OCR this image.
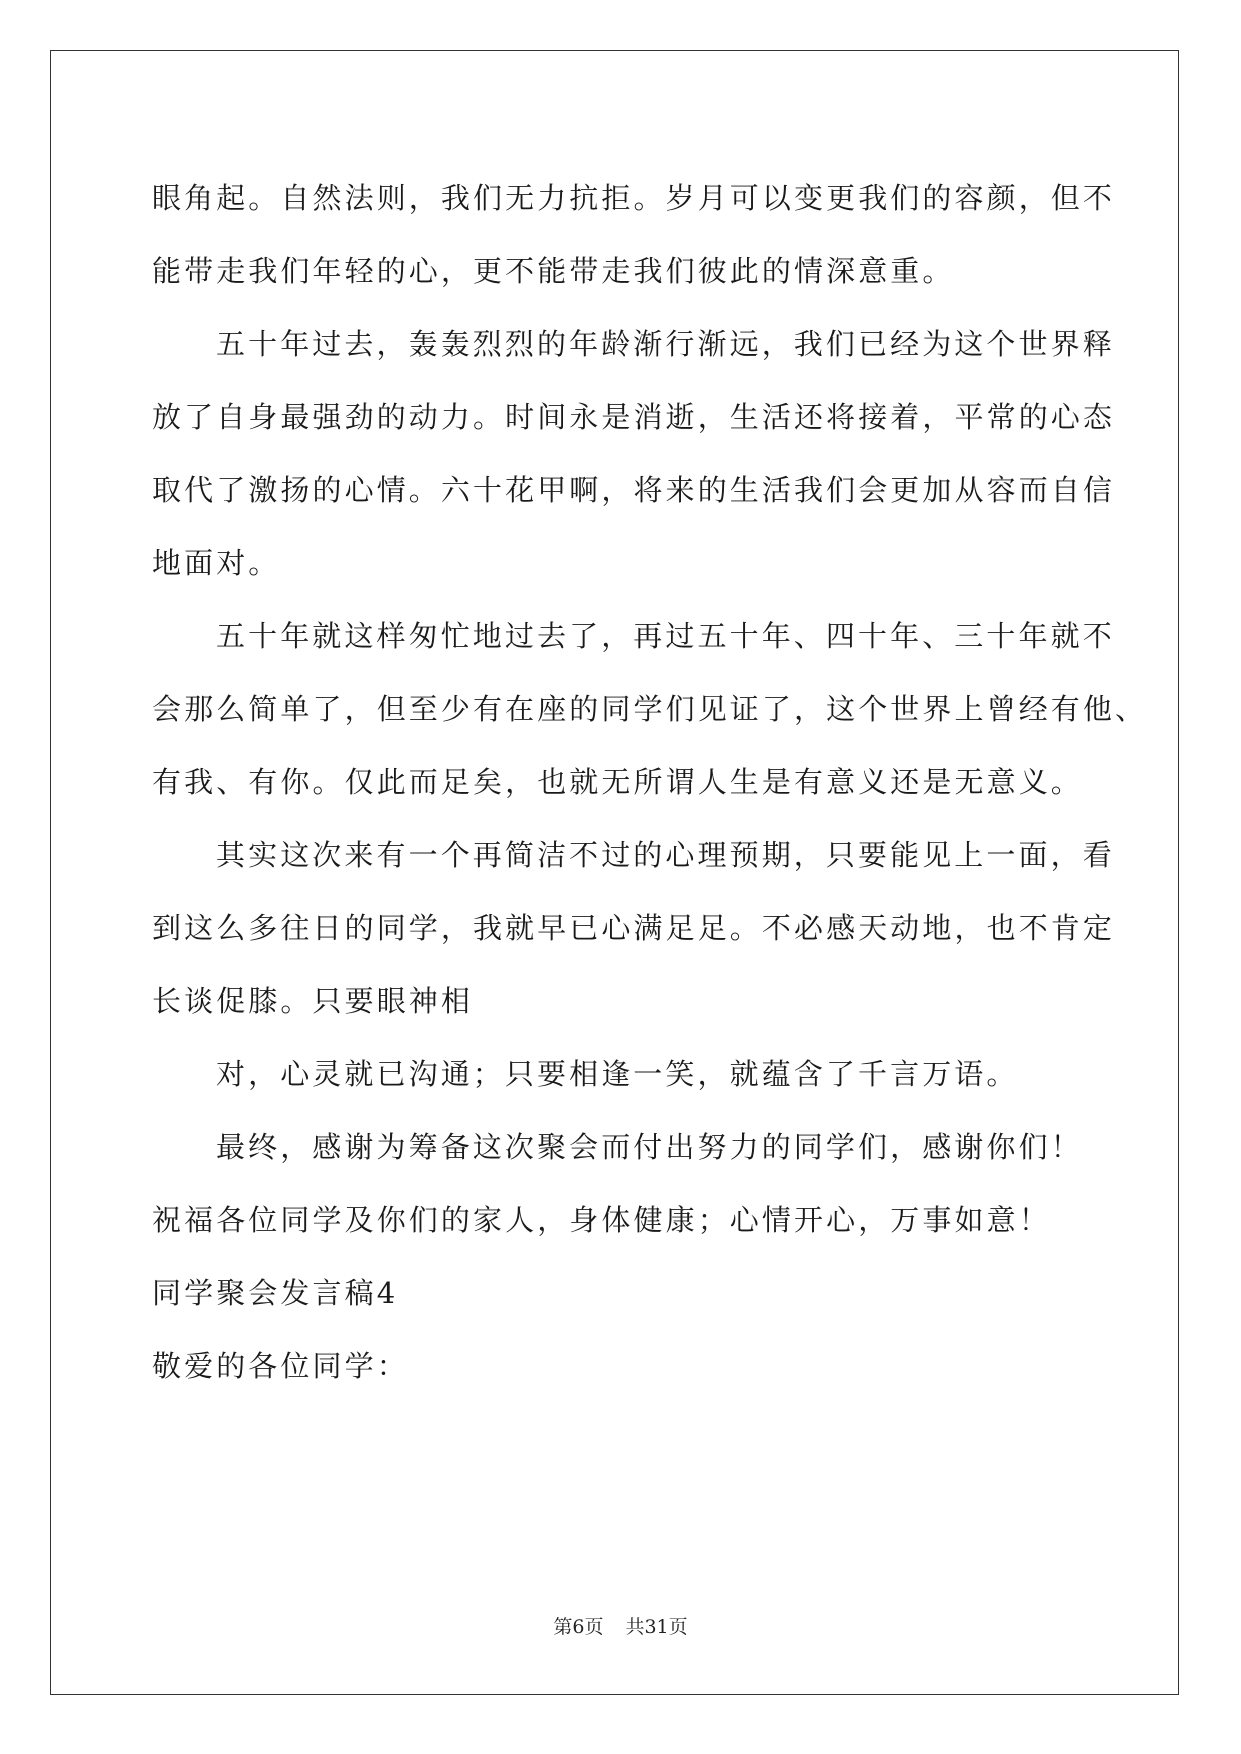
眼角起。自然法则，我们无力抗拒。岁月可以变更我们的容颜，但不
能带走我们年轻的心，更不能带走我们彼此的情深意重。
五十年过去，轰轰烈烈的年龄渐行渐远，我们已经为这个世界释
放了自身最强劲的动力。时间永是消逝，生活还将接着，平常的心态
取代了激扬的心情。六十花甲啊，将来的生活我们会更加从容而自信
地面对。
五十年就这样匆忙地过去了，再过五十年、四十年、三十年就不
会那么简单了，但至少有在座的同学们见证了，这个世界上曾经有他、
有我、有你。仅此而足矣，也就无所谓人生是有意义还是无意义。
其实这次来有一个再简洁不过的心理预期，只要能见上一面，看
到这么多往日的同学，我就早已心满足足。不必感天动地，也不肯定
长谈促膝。只要眼神相
对，心灵就已沟通；只要相逢一笑，就蕴含了千言万语。
最终，感谢为筹备这次聚会而付出努力的同学们，感谢你们！
祝福各位同学及你们的家人，身体健康；心情开心，万事如意！
同学聚会发言稿4
敬爱的各位同学：
第6页 共31页
